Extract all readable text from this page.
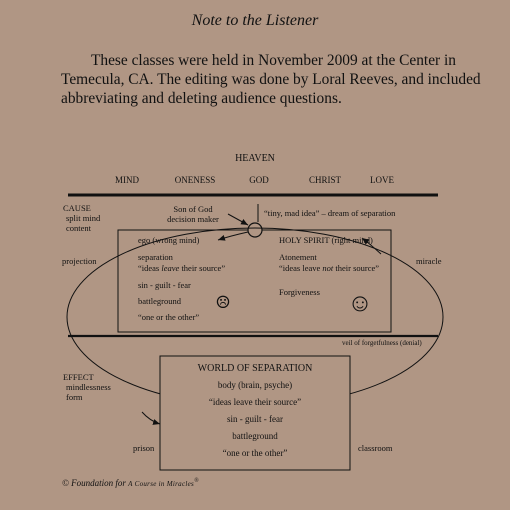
Note to the Listener
These classes were held in November 2009 at the Center in Temecula, CA. The editing was done by Loral Reeves, and included abbreviating and deleting audience questions.
HEAVEN
MIND	ONENESS	GOD	CHRIST	LOVE
CAUSE
split mind
content
Son of God
decision maker
“tiny, mad idea” – dream of separation
ego (wrong mind)
separation
“ideas leave their source”
sin - guilt - fear
battleground
“one or the other”
☹
HOLY SPIRIT (right mind)
Atonement
“ideas leave not their source”
Forgiveness ☺
projection	miracle
veil of forgetfulness (denial)
EFFECT
mindlessness
form
WORLD OF SEPARATION
body (brain, psyche)
“ideas leave their source”
sin - guilt - fear
battleground
“one or the other”
prison	classroom
© Foundation for A Course in Miracles®
